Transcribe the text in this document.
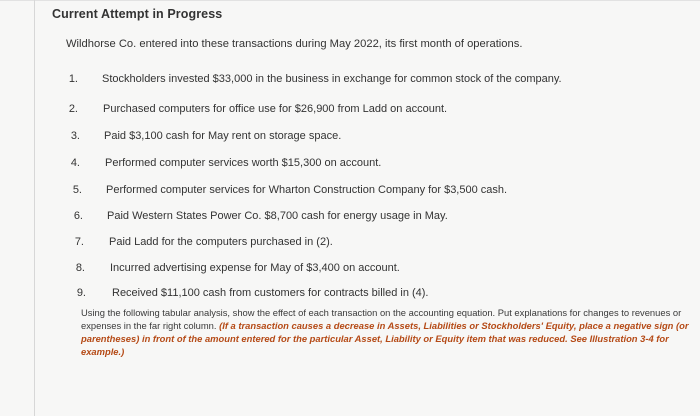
Current Attempt in Progress
Wildhorse Co. entered into these transactions during May 2022, its first month of operations.
1. Stockholders invested $33,000 in the business in exchange for common stock of the company.
2. Purchased computers for office use for $26,900 from Ladd on account.
3. Paid $3,100 cash for May rent on storage space.
4. Performed computer services worth $15,300 on account.
5. Performed computer services for Wharton Construction Company for $3,500 cash.
6. Paid Western States Power Co. $8,700 cash for energy usage in May.
7. Paid Ladd for the computers purchased in (2).
8. Incurred advertising expense for May of $3,400 on account.
9. Received $11,100 cash from customers for contracts billed in (4).
Using the following tabular analysis, show the effect of each transaction on the accounting equation. Put explanations for changes to revenues or expenses in the far right column. (If a transaction causes a decrease in Assets, Liabilities or Stockholders' Equity, place a negative sign (or parentheses) in front of the amount entered for the particular Asset, Liability or Equity item that was reduced. See Illustration 3-4 for example.)
